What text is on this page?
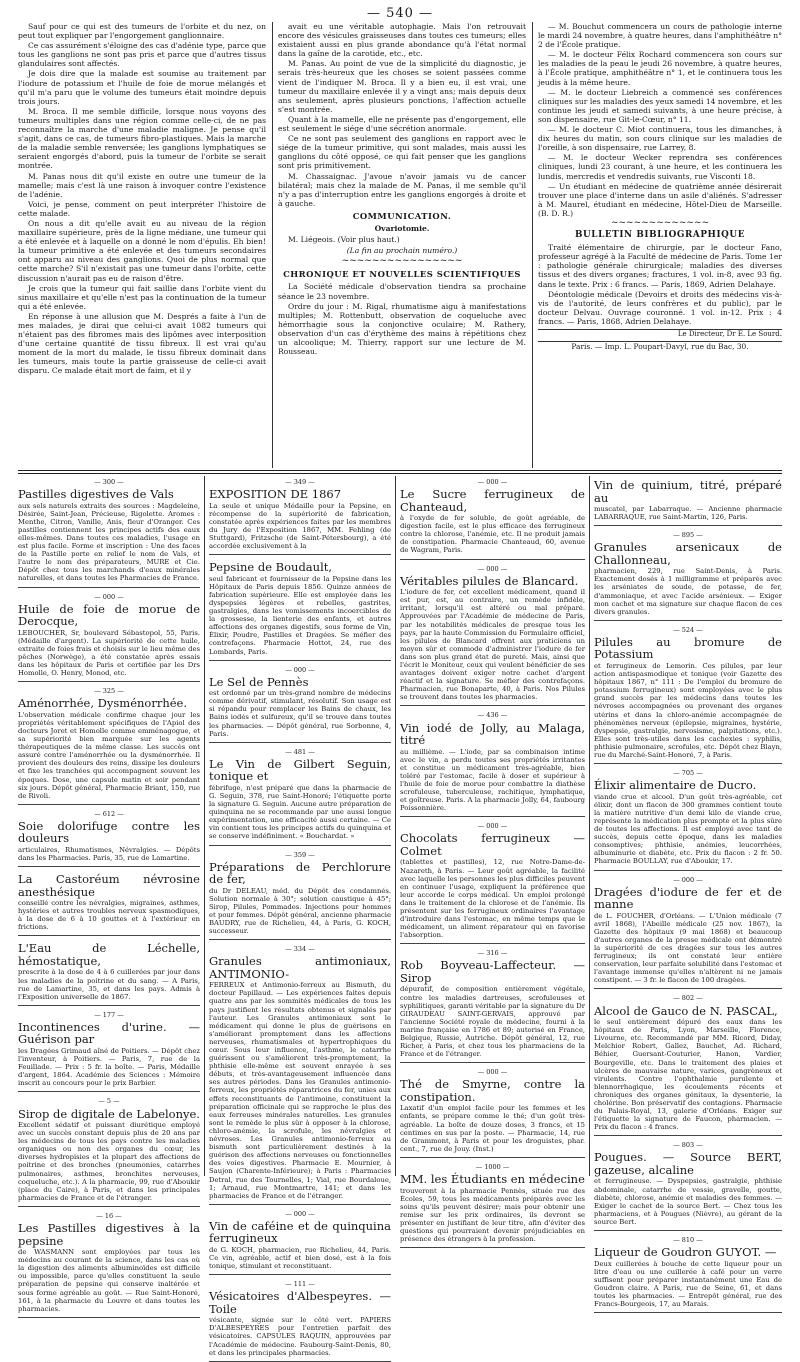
— 540 —

Sauf pour ce qui est des tumeurs de l'orbite et du nez, on peut tout expliquer par l'engorgement ganglionnaire.

Ce cas assurément s'éloigne des cas d'adénie type, parce que tous les ganglions ne sont pas pris et parce que d'autres tissus glandulaires sont affectés.

Je dois dire que la malade est soumise au traitement par l'iodure de potassium et l'huile de foie de morue mélangés et qu'il m'a paru que le volume des tumeurs était moindre depuis trois jours.

M. Broca. Il me semble difficile, lorsque nous voyons des tumeurs multiples dans une région comme celle-ci, de ne pas reconnaître la marche d'une maladie maligne. Je pense qu'il s'agit, dans ce cas, de tumeurs fibro-plastiques. Mais la marche de la maladie semble renversée; les ganglions lymphatiques se seraient engorgés d'abord, puis la tumeur de l'orbite se serait montrée.

M. Panas nous dit qu'il existe en outre une tumeur de la mamelle; mais c'est là une raison à invoquer contre l'existence de l'adénie.

Voici, je pense, comment on peut interpréter l'histoire de cette malade.

On nous a dit qu'elle avait eu au niveau de la région maxillaire supérieure, près de la ligne médiane, une tumeur qui a été enlevée et à laquelle on a donné le nom d'épulis. Eh bien! la tumeur primitive a été enlevée et des tumeurs secondaires ont apparu au niveau des ganglions. Quoi de plus normal que cette marche? S'il n'existait pas une tumeur dans l'orbite, cette discussion n'aurait pas eu de raison d'être.

Je crois que la tumeur qui fait saillie dans l'orbite vient du sinus maxillaire et qu'elle n'est pas la continuation de la tumeur qui a été enlevée.

En réponse à une allusion que M. Després a faite à l'un de mes malades, je dirai que celui-ci avait 1082 tumeurs qui n'étaient pas des fibromes mais des lipômes avec interposition d'une certaine quantité de tissu fibreux. Il est vrai qu'au moment de la mort du malade, le tissu fibreux dominait dans les tumeurs, mais toute la partie graisseuse de celle-ci avait disparu. Ce malade était mort de faim, et il y

avait eu une véritable autophagie. Mais l'on retrouvait encore des vésicules graisseuses dans toutes ces tumeurs; elles existaient aussi en plus grande abondance qu'à l'état normal dans la gaîne de la carotide, etc., etc.

M. Panas. Au point de vue de la simplicité du diagnostic, je serais très-heureux que les choses se soient passées comme vient de l'indiquer M. Broca. Il y a bien eu, il est vrai, une tumeur du maxillaire enlevée il y a vingt ans; mais depuis deux ans seulement, après plusieurs ponctions, l'affection actuelle s'est montrée.

Quant à la mamelle, elle ne présente pas d'engorgement, elle est seulement le siége d'une sécrétion anormale.

Ce ne sont pas seulement des ganglions en rapport avec le siége de la tumeur primitive, qui sont malades, mais aussi les ganglions du côté opposé, ce qui fait penser que les ganglions sont pris primitivement.

M. Chassaignac. J'avoue n'avoir jamais vu de cancer bilatéral; mais chez la malade de M. Panas, il me semble qu'il n'y a pas d'interruption entre les ganglions engorgés à droite et à gauche.

COMMUNICATION.
Ovariotomie.

M. Liégeois. (Voir plus haut.)

(La fin au prochain numéro.)
~~~~~~~~~~~~~~~~
CHRONIQUE ET NOUVELLES SCIENTIFIQUES

La Société médicale d'observation tiendra sa prochaine séance le 23 novembre.

Ordre du jour : M. Rigal, rhumatisme aigu à manifestations multiples; M. Rottenbutt, observation de coqueluche avec hémorrhagie sous la conjonctive oculaire; M. Rathery, observation d'un cas d'érythème des mains à répétitions chez un alcoolique; M. Thierry, rapport sur une lecture de M. Rousseau.

— M. Bouchut commencera un cours de pathologie interne le mardi 24 novembre, à quatre heures, dans l'amphithéâtre n° 2 de l'École pratique.

— M. le docteur Félix Rochard commencera son cours sur les maladies de la peau le jeudi 26 novembre, à quatre heures, à l'École pratique, amphithéâtre n° 1, et le continuera tous les jeudis à la même heure.

— M. le docteur Liebreich a commencé ses conférences cliniques sur les maladies des yeux samedi 14 novembre, et les continue les jeudi et samedi suivants, à une heure précise, à son dispensaire, rue Git-le-Cœur, n° 11.

— M. le docteur C. Miot continuera, tous les dimanches, à dix heures du matin, son cours clinique sur les maladies de l'oreille, à son dispensaire, rue Larrey, 8.

— M. le docteur Wecker reprendra ses conférences cliniques, lundi 23 courant, à une heure, et les continuera les lundis, mercredis et vendredis suivants, rue Visconti 18.

— Un étudiant en médecine de quatrième année désirerait trouver une place d'interne dans un asile d'aliénés. S'adresser à M. Maurel, étudiant en médecine, Hôtel-Dieu de Marseille. (B. D. R.)

~~~~~~~~~~~~~
BULLETIN BIBLIOGRAPHIQUE

Traité élémentaire de chirurgie, par le docteur Fano, professeur agrégé à la Faculté de médecine de Paris. Tome 1er : pathologie générale chirurgicale; maladies des diverses tissus et des divers organes; fractures, 1 vol. in-8, avec 93 fig. dans le texte. Prix : 6 francs. — Paris, 1869, Adrien Delahaye.

Déontologie médicale (Devoirs et droits des médecins vis-à-vis de l'autorité, de leurs confrères et du public), par le docteur Delvau. Ouvrage couronné. 1 vol. in-12. Prix : 4 francs. — Paris, 1868, Adrien Delahaye.

Le Directeur, Dr E. Le Sourd.
Paris. — Imp. L. Poupart-Davyl, rue du Bac, 30.
— 300 —
Pastilles digestives de Vals

aux sels naturels extraits des sources : Magdeleine, Désirée, Saint-Jean, Précieuse, Rigolette. Aromes : Menthe, Citron, Vanille, Anis, fleur d'Oranger. Ces pastilles contiennent les principes actifs des eaux elles-mêmes. Dans toutes ces maladies, l'usage en est plus facile. Forme et inscription : Une des faces de la Pastille porte en relief le nom de Vals, et l'autre le nom des préparateurs, MURE et Cie. Dépôt chez tous les marchands d'eaux minérales naturelles, et dans toutes les Pharmacies de France.

— 000 —
Huile de foie de morue de Derocque,

LEBOUCHER, Sr, boulevard Sébastopol, 55, Paris. (Médaille d'argent). La supériorité de cette huile, extraite de foies frais et choisis sur le lieu même des pêches (Norwège), a été constatée après essais dans les hôpitaux de Paris et certifiée par les Drs Homolle, O. Henry, Monod, etc.

— 325 —
Aménorrhée, Dysménorrhée.

L'observation médicale confirme chaque jour les propriétés véritablement spécifiques de l'Apiol des docteurs Joret et Homolle comme emménagogue, et sa supériorité bien marquée sur les agents thérapeutiques de la même classe. Les succès ont assuré contre l'aménorrhée ou la dysménorrhée. Il provient des douleurs des reins, dissipe les douleurs et fixe les tranchées qui accompagnent souvent les époques. Dose, une capsule matin et soir pendant six jours. Dépôt général, Pharmacie Briant, 150, rue de Rivoli.

— 612 —
Soie dolorifuge contre les douleurs

articulaires, Rhumatismes, Névralgies. — Dépôts dans les Pharmacies. Paris, 35, rue de Lamartine.

La Castoréum névrosine anesthésique

conseillé contre les névralgies, migraines, asthmes, hystéries et autres troubles nerveux spasmodiques, à la dose de 6 à 10 gouttes et à l'extérieur en frictions.

L'Eau de Léchelle, hémostatique,

prescrite à la dose de 4 à 6 cuillerées par jour dans les maladies de la poitrine et du sang. — A Paris, rue de Lamartine, 35, et dans les pays. Admis à l'Exposition universelle de 1867.

— 177 —
Incontinences d'urine. — Guérison par

les Dragées Grimaud aîné de Poitiers. — Dépôt chez l'inventeur, à Poitiers. — Paris, 7, rue de la Feuillade. — Prix : 5 fr. la boîte. — Paris, Médaille d'argent, 1864. Académie des Sciences : Mémoire inscrit au concours pour le prix Barbier.

— 5 —
Sirop de digitale de Labelonye.

Excellent sédatif et puissant diurétique employé avec un succès constant depuis plus de 20 ans par les médecins de tous les pays contre les maladies organiques ou non des organes du cœur, les diverses hydropisies et la plupart des affections de poitrine et des bronches (pneumonies, catarrhes pulmonaires, asthmes, bronchites nerveuses, coqueluche, etc.). A la pharmacie, 99, rue d'Aboukir (place du Caire), à Paris, et dans les principales pharmacies de France et de l'étranger.

— 16 —
Les Pastilles digestives à la pepsine

de WASMANN sont employées par tous les médecins au courant de la science, dans les cas où la digestion des aliments albuminoïdes est difficile ou impossible, parce qu'elles constituent la seule préparation de pepsine qui conserve inaltérée et sous forme agréable au goût. — Rue Saint-Honoré, 161, à la pharmacie du Louvre et dans toutes les pharmacies.

— 349 —
EXPOSITION DE 1867

La seule et unique Médaille pour la Pepsine, en récompense de la supériorité de fabrication, constatée après expériences faites par les membres du Jury de l'Exposition 1867, MM. Fehling (de Stuttgard), Fritzsche (de Saint-Pétersbourg), a été accordée exclusivement à la

Pepsine de Boudault,

seul fabricant et fournisseur de la Pepsine dans les Hôpitaux de Paris depuis 1856. Quinze années de fabrication supérieure. Elle est employée dans les dyspepsies légères et rebelles, gastrites, gastralgies, dans les vomissements incoercibles de la grossesse, la lienterie des enfants, et autres affections des organes digestifs, sous forme de Vin, Élixir, Poudre, Pastilles et Dragées. Se méfier des contrefaçons. Pharmacie Hottot, 24, rue des Lombards, Paris.

— 000 —
Le Sel de Pennès

est ordonné par un très-grand nombre de médecins comme dérivatif, stimulant, résolutif. Son usage est si répandu pour remplacer les Bains de chaux, les Bains iodés et sulfureux, qu'il se trouve dans toutes les pharmacies. — Dépôt général, rue Sorbonne, 4, Paris.

— 481 —
Le Vin de Gilbert Seguin, tonique et

fébrifuge, n'est préparé que dans la pharmacie de G. Seguin, 378, rue Saint-Honoré; l'étiquette porte la signature G. Seguin. Aucune autre préparation de quinquina ne se recommande par une aussi longue expérimentation, une efficacité aussi certaine. — Ce vin contient tous les principes actifs du quinquina et se conserve indéfiniment. « Bouchardat. »

— 359 —
Préparations de Perchlorure de fer,

du Dr DELEAU, méd. du Dépôt des condamnés. Solution normale à 30°; solution caustique à 45°; Sirop, Pilules, Pommades. Injections pour hommes et pour femmes. Dépôt général, ancienne pharmacie BAUDRY, rue de Richelieu, 44, à Paris, G. KOCH, successeur.

— 334 —
Granules antimoniaux, ANTIMONIO-

FERREUX et Antimonio-ferreux au Bismuth, du docteur Papillaud. — Les expériences faites depuis quatre ans par les sommités médicales de tous les pays justifient les résultats obtenus et signalés par l'auteur. Les Granules antimoniaux sont le médicament qui donne le plus de guérisons en s'améliorant promptement dans les affections nerveuses, rhumatismales et hypertrophiques du cœur. Sous leur influence, l'asthme, le catarrhe guérissent ou s'améliorent très-promptement, la phthisie elle-même est souvent enrayée à ses débuts, et très-avantageusement influencée dans ses autres périodes. Dans les Granules antimonio-ferreux, les propriétés réparatrices du fer, unies aux effets reconstituants de l'antimoine, constituent la préparation officinale qui se rapproche le plus des eaux ferreuses minérales naturelles. Les granules sont le remède le plus sûr à opposer à la chlorose, chloro-anémie, la scrofule, les névralgies et névroses. Les Granules antimonio-ferreux au bismuth sont particulièrement destinés à la guérison des affections nerveuses ou fonctionnelles des voies digestives. Pharmacie E. Mournier, à Saujon (Charente-Inférieure); à Paris : Pharmacies Detral, rue des Tournelles, 1; Vial, rue Bourdaloue, 1; Arnaud, rue Montmartre, 141; et dans les pharmacies de France et de l'étranger.

— 000 —
Vin de caféine et de quinquina ferrugineux

de G. KOCH, pharmacien, rue Richelieu, 44, Paris. Ce vin, agréable, actif et bien dosé, est à la fois tonique, stimulant et reconstituant.

— 111 —
Vésicatoires d'Albespeyres. — Toile

vésicante, signée sur le côté vert. PAPIERS D'ALBESPEYRES pour l'entretien parfait des vésicatoires. CAPSULES RAQUIN, approuvées par l'Académie de médecine. Faubourg-Saint-Denis, 80, et dans les principales pharmacies.

— 000 —
Le Sucre ferrugineux de Chanteaud,

à l'oxyde de fer soluble, de goût agréable, de digestion facile, est le plus efficace des ferrugineux contre la chlorose, l'anémie, etc. Il ne produit jamais de constipation. Pharmacie Chanteaud, 60, avenue de Wagram, Paris.

— 000 —
Véritables pilules de Blancard.

L'iodure de fer, cet excellent médicament, quand il est pur, est, au contraire, un remède infidèle, irritant, lorsqu'il est altéré ou mal préparé. Approuvées par l'Académie de médecine de Paris, par les notabilités médicales de presque tous les pays, par la haute Commission du Formulaire officiel, les pilules de Blancard offrent aux praticiens un moyen sûr et commode d'administrer l'iodure de fer dans son plus grand état de pureté. Mais, ainsi que l'écrit le Moniteur, ceux qui veulent bénéficier de ses avantages doivent exiger notre cachet d'argent réactif et la signature. Se méfier des contrefaçons. Pharmacien, rue Bonaparte, 40, à Paris. Nos Pilules se trouvent dans toutes les pharmacies.

— 436 —
Vin iodé de Jolly, au Malaga, titré

au millième. — L'iode, par sa combinaison intime avec le vin, a perdu toutes ses propriétés irritantes et constitue un médicament très-agréable, bien toléré par l'estomac, facile à doser et supérieur à l'huile de foie de morue pour combattre la diathèse scrofuleuse, tuberculeuse, rachitique, lymphatique, et goîtreuse. Paris. A la pharmacie Jolly, 64, faubourg Poissonnière.

— 000 —
Chocolats ferrugineux — Colmet

(tablettes et pastilles), 12, rue Notre-Dame-de-Nazareth, à Paris. — Leur goût agréable, la facilité avec laquelle les personnes les plus difficiles peuvent en continuer l'usage, expliquent la préférence que leur accorde le corps médical. Un emploi prolongé dans le traitement de la chlorose et de l'anémie. Ils présentent sur les ferrugineux ordinaires l'avantage d'introduire dans l'estomac, en même temps que le médicament, un aliment réparateur qui en favorise l'absorption.

— 316 —
Rob Boyveau-Laffecteur. — Sirop

dépuratif, de composition entièrement végétale, contre les maladies dartreuses, scrofuleuses et syphilitiques, garanti véritable par la signature du Dr GIRAUDEAU SAINT-GERVAIS, approuvé par l'ancienne Société royale de médecine, fourni à la marine française en 1786 et 89; autorisé en France, Belgique, Russie, Autriche. Dépôt général, 12, rue Richer, à Paris, et chez tous les pharmaciens de la France et de l'étranger.

— 000 —
Thé de Smyrne, contre la constipation.

Laxatif d'un emploi facile pour les femmes et les enfants, se prépare comme le thé; d'un goût très-agréable. La boîte de douze doses, 3 francs, et 15 centimes en sus par la poste. — Pharmacie, 14, rue de Grammont, à Paris et pour les droguistes, phar. cent., 7, rue de Jouy. (Inst.)

— 1000 —
MM. les Étudiants en médecine

trouveront à la pharmacie Pennès, située rue des Écoles, 59, tous les médicaments préparés avec les soins qu'ils peuvent désirer; mais pour obtenir une remise sur les prix ordinaires, ils devront se présenter en justifiant de leur titre, afin d'éviter des questions qui pourraient devenir préjudiciables en présence des étrangers à la profession.

Vin de quinium, titré, préparé au

muscatel, par Labarraque. — Ancienne pharmacie LABARRAQUE, rue Saint-Martin, 126, Paris.

— 895 —
Granules arsenicaux de Challonneau,

pharmacien, 229, rue Saint-Denis, à Paris. Exactement dosés à 1 milligramme et préparés avec les arséniates de soude, de potasse, de fer, d'ammoniaque, et avec l'acide arsénieux. — Exiger mon cachet et ma signature sur chaque flacon de ces divers granules.

— 524 —
Pilules au bromure de Potassium

et ferrugineux de Lemorin. Ces pilules, par leur action antispasmodique et tonique (voir Gazette des hôpitaux 1867, n° 111 : De l'emploi du bromure de potassium ferrugineux) sont employées avec le plus grand succès par les médecins dans toutes les névroses accompagnées ou provenant des organes utérins et dans la chloro-anémie accompagnée de phénomènes nerveux (épilepsie, migraines, hystérie, dyspepsie, gastralgie, nervosisme, palpitations, etc.). Elles sont très-utiles dans les cachexies : syphilis, phthisie pulmonaire, scrofules, etc. Dépôt chez Blayn, rue du Marché-Saint-Honoré, 7, à Paris.

— 705 —
Élixir alimentaire de Ducro.

viande crue et alcool. D'un goût très-agréable, cet élixir, dont un flacon de 300 grammes contient toute la matière nutritive d'un demi kilo de viande crue, représente la médication plus prompte et la plus sûre de toutes les affections. Il est employé avec tant de succès, depuis cette époque, dans les maladies consomptives; phthisie, anémies, leucorrhées, albuminurie et diabète, etc. Prix du flacon : 2 fr. 50. Pharmacie BOULLAY, rue d'Aboukir, 17.

— 000 —
Dragées d'iodure de fer et de manne

de L. FOUCHER, d'Orléans. — L'Union médicale (7 avril 1868), l'Abeille médicale (25 nov. 1867), la Gazette des hôpitaux (9 mai 1868) et beaucoup d'autres organes de la presse médicale ont démontré la supériorité de ces dragées sur tous les autres ferrugineux; ils ont constaté leur entière conservation, leur parfaite solubilité dans l'estomac et l'avantage immense qu'elles n'altèrent ni ne jamais constipent. — 3 fr. le flacon de 100 dragées.

— 802 —
Alcool de Gauco de N. PASCAL,

le seul entièrement dépuré des eaux dans les hôpitaux de Paris, Lyon, Marseille, Florence, Livourne, etc. Recommandé par MM. Ricord, Diday, Melchior Robert, Gallez, Bauchet, Ad. Richard, Béhier, Guersant-Couturier, Hanon, Vardier, Bourgeville, etc. Dans le traitement des plaies et ulcères de mauvaise nature, varices, gangrèneux et virulents. Contre l'ophthalmie purulente et blennorrhagique, les écoulements récents et chroniques des organes génitaux, la dysenterie, la cholérine. Bon préservatif des contagions. Pharmacie du Palais-Royal, 13, galerie d'Orléans. Exiger sur l'étiquette la signature de Faucon, pharmacien. — Prix du flacon : 4 francs.

— 803 —
Pougues. — Source BERT, gazeuse, alcaline

et ferrugineuse. — Dyspepsies, gastralgie, phthisie abdominale, catarrhe de vessie, gravelle, goutte, diabète, chlorose, anémie et maladies des femmes. — Exiger le cachet de la source Bert. — Chez tous les pharmaciens, et à Pougues (Nièvre), au gérant de la source Bert.

— 810 —
Liqueur de Goudron GUYOT. —

Deux cuillerées à bouche de cette liqueur pour un litre d'eau ou une cuillerée à café pour un verre suffisent pour préparer instantanément une Eau de Goudron claire. A Paris, rue de Seine, 61, et dans toutes les pharmacies. — Entrepôt général, rue des Francs-Bourgeois, 17, au Marais.
